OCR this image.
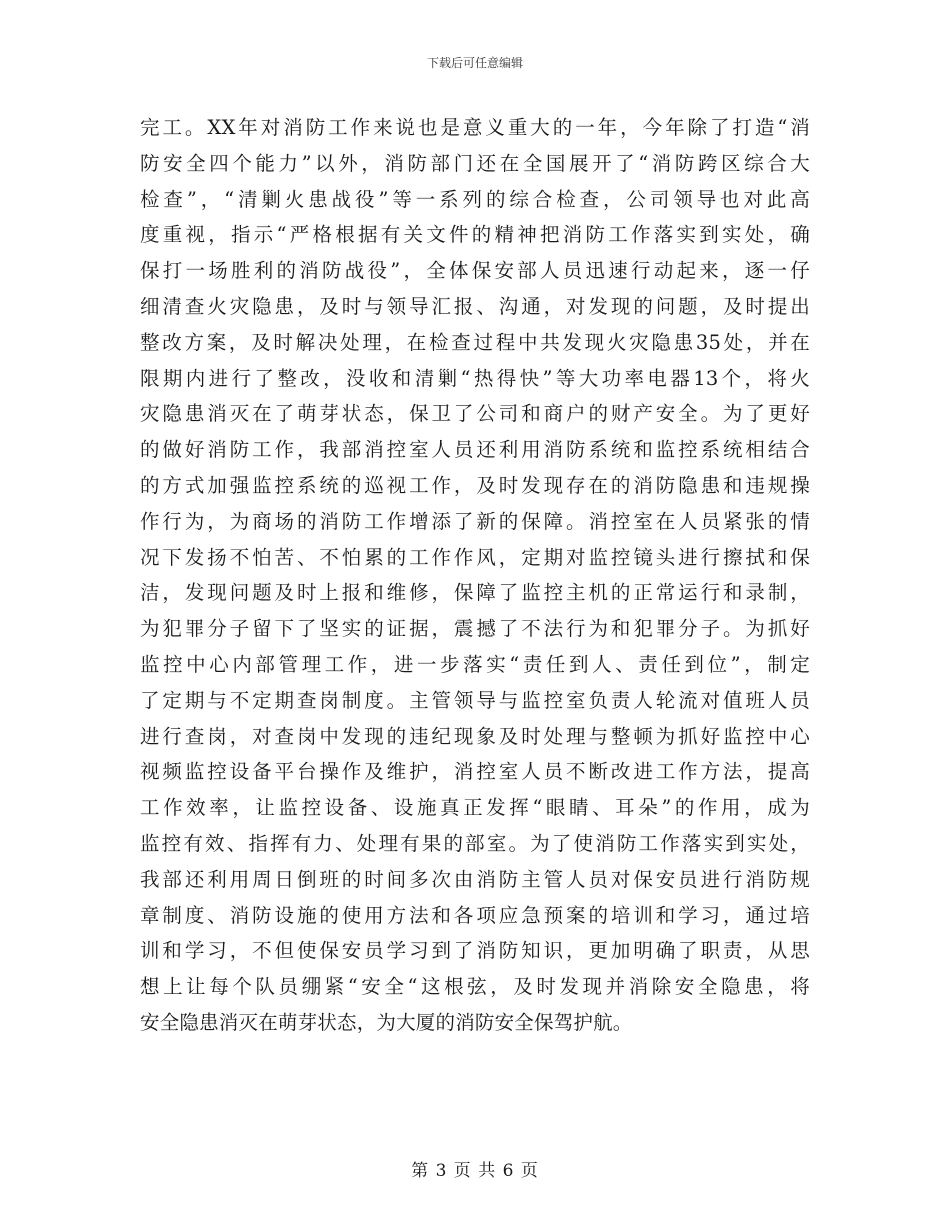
下载后可任意编辑
完工。XX年对消防工作来说也是意义重大的一年，今年除了打造“消
防安全四个能力”以外，消防部门还在全国展开了“消防跨区综合大
检查”，“清剿火患战役”等一系列的综合检查，公司领导也对此高
度重视，指示“严格根据有关文件的精神把消防工作落实到实处，确
保打一场胜利的消防战役”，全体保安部人员迅速行动起来，逐一仔
细清查火灾隐患，及时与领导汇报、沟通，对发现的问题，及时提出
整改方案，及时解决处理，在检查过程中共发现火灾隐患35处，并在
限期内进行了整改，没收和清剿“热得快”等大功率电器13个，将火
灾隐患消灭在了萌芽状态，保卫了公司和商户的财产安全。为了更好
的做好消防工作，我部消控室人员还利用消防系统和监控系统相结合
的方式加强监控系统的巡视工作，及时发现存在的消防隐患和违规操
作行为，为商场的消防工作增添了新的保障。消控室在人员紧张的情
况下发扬不怕苦、不怕累的工作作风，定期对监控镜头进行擦拭和保
洁，发现问题及时上报和维修，保障了监控主机的正常运行和录制，
为犯罪分子留下了坚实的证据，震撼了不法行为和犯罪分子。为抓好
监控中心内部管理工作，进一步落实“责任到人、责任到位”，制定
了定期与不定期查岗制度。主管领导与监控室负责人轮流对值班人员
进行查岗，对查岗中发现的违纪现象及时处理与整顿为抓好监控中心
视频监控设备平台操作及维护，消控室人员不断改进工作方法，提高
工作效率，让监控设备、设施真正发挥“眼睛、耳朵”的作用，成为
监控有效、指挥有力、处理有果的部室。为了使消防工作落实到实处，
我部还利用周日倒班的时间多次由消防主管人员对保安员进行消防规
章制度、消防设施的使用方法和各项应急预案的培训和学习，通过培
训和学习，不但使保安员学习到了消防知识，更加明确了职责，从思
想上让每个队员绷紧“安全“这根弦，及时发现并消除安全隐患，将
安全隐患消灭在萌芽状态，为大厦的消防安全保驾护航。
第 3 页 共 6 页
